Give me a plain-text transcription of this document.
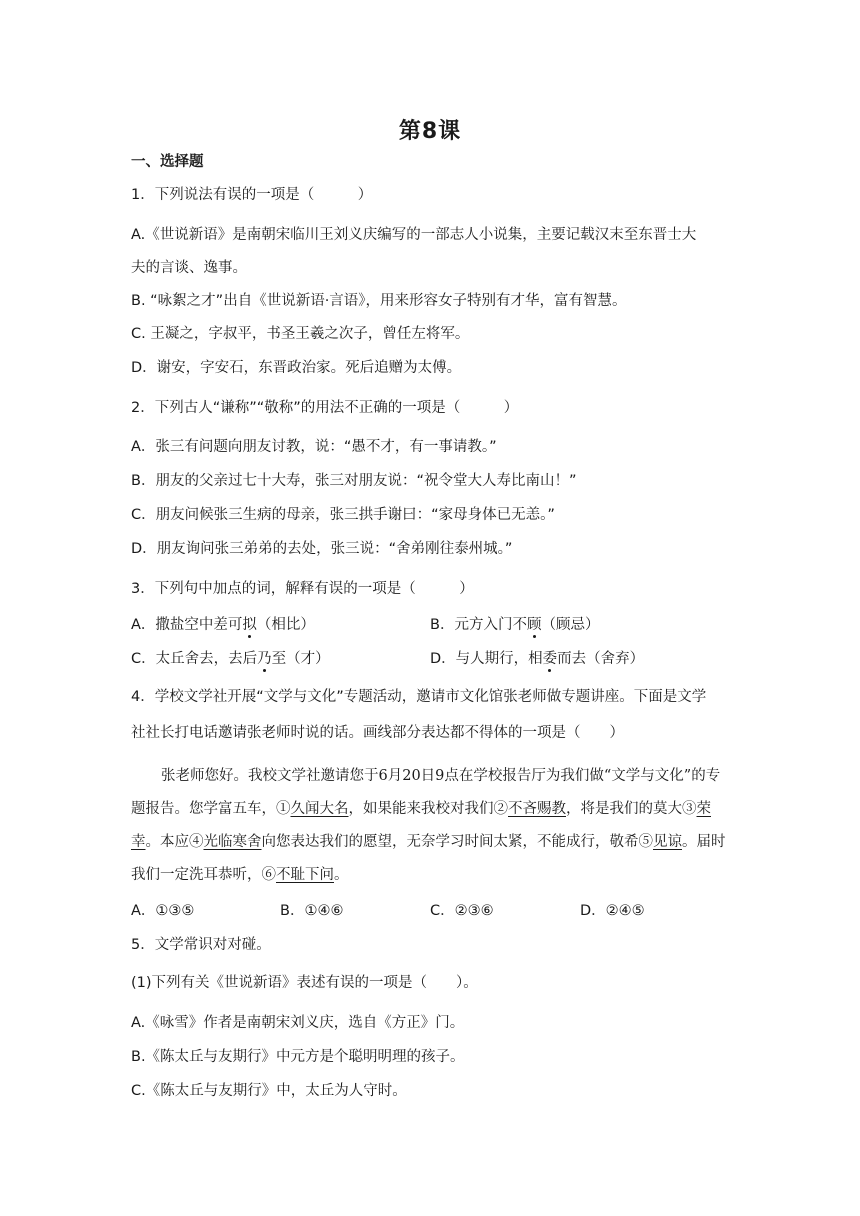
第8课
一、选择题
1．下列说法有误的一项是（　　　）
A.《世说新语》是南朝宋临川王刘义庆编写的一部志人小说集，主要记载汉末至东晋士大
夫的言谈、逸事。
B. “咏絮之才”出自《世说新语·言语》，用来形容女子特别有才华，富有智慧。
C. 王凝之，字叔平，书圣王羲之次子，曾任左将军。
D．谢安，字安石，东晋政治家。死后追赠为太傅。
2．下列古人“谦称”“敬称”的用法不正确的一项是（　　　）
A．张三有问题向朋友讨教，说：“愚不才，有一事请教。”
B．朋友的父亲过七十大寿，张三对朋友说：“祝令堂大人寿比南山！”
C．朋友问候张三生病的母亲，张三拱手谢曰：“家母身体已无恙。”
D．朋友询问张三弟弟的去处，张三说：“舍弟刚往泰州城。”
3．下列句中加点的词，解释有误的一项是（　　　）
A．撒盐空中差可拟（相比）	B．元方入门不顾（顾忌）
C．太丘舍去，去后乃至（才）	D．与人期行，相委而去（舍弃）
4．学校文学社开展“文学与文化”专题活动，邀请市文化馆张老师做专题讲座。下面是文学
社社长打电话邀请张老师时说的话。画线部分表达都不得体的一项是（　　）
张老师您好。我校文学社邀请您于6月20日9点在学校报告厅为我们做“文学与文化”的专题报告。您学富五车，①久闻大名，如果能来我校对我们②不吝赐教，将是我们的莫大③荣幸。本应④光临寒舍向您表达我们的愿望，无奈学习时间太紧，不能成行，敬希⑤见谅。届时我们一定洗耳恭听，⑥不耻下问。
A．①③⑤	B．①④⑥	C．②③⑥	D．②④⑤
5．文学常识对对碰。
(1)下列有关《世说新语》表述有误的一项是（　　）。
A.《咏雪》作者是南朝宋刘义庆，选自《方正》门。
B.《陈太丘与友期行》中元方是个聪明明理的孩子。
C.《陈太丘与友期行》中，太丘为人守时。
